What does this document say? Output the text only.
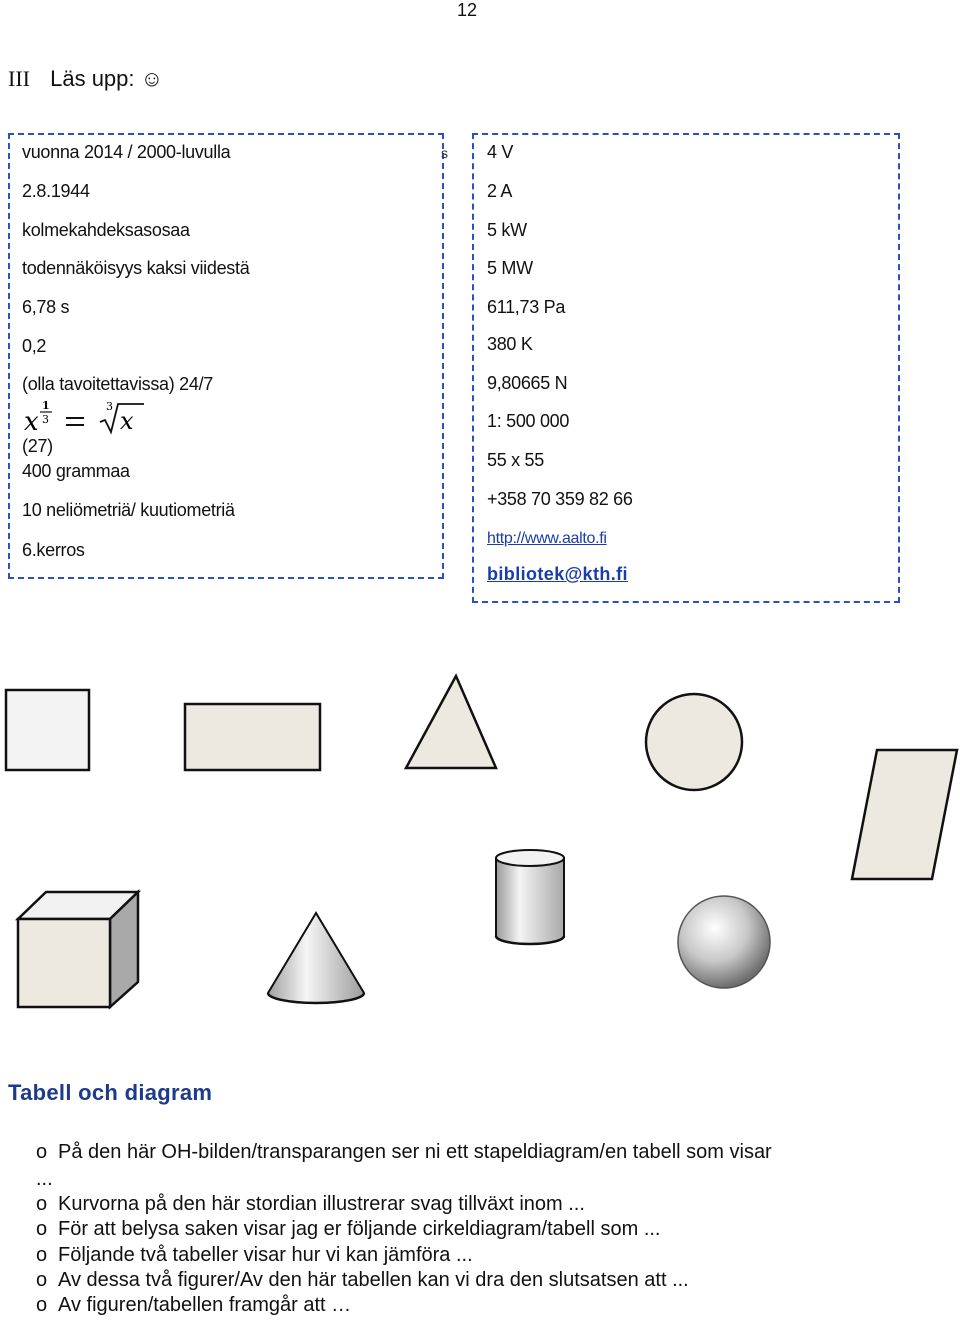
12
III Läs upp: ☺
s
vuonna 2014 / 2000-luvulla
2.8.1944
kolmekahdeksasosaa
todennäköisyys kaksi viidestä
6,78 s
0,2
(olla tavoitettavissa) 24/7
x
1
3
3
x
(27)
400 grammaa
10 neliömetriä/ kuutiometriä
6.kerros
4 V
2 A
5 kW
5 MW
611,73 Pa
380 K
9,80665 N
1: 500 000
55 x 55
+358 70 359 82 66
http://www.aalto.fi
bibliotek@kth.fi
Tabell och diagram
o På den här OH-bilden/transparangen ser ni ett stapeldiagram/en tabell som visar
...
o Kurvorna på den här stordian illustrerar svag tillväxt inom ...
o För att belysa saken visar jag er följande cirkeldiagram/tabell som ...
o Följande två tabeller visar hur vi kan jämföra ...
o Av dessa två figurer/Av den här tabellen kan vi dra den slutsatsen att ...
o Av figuren/tabellen framgår att …
